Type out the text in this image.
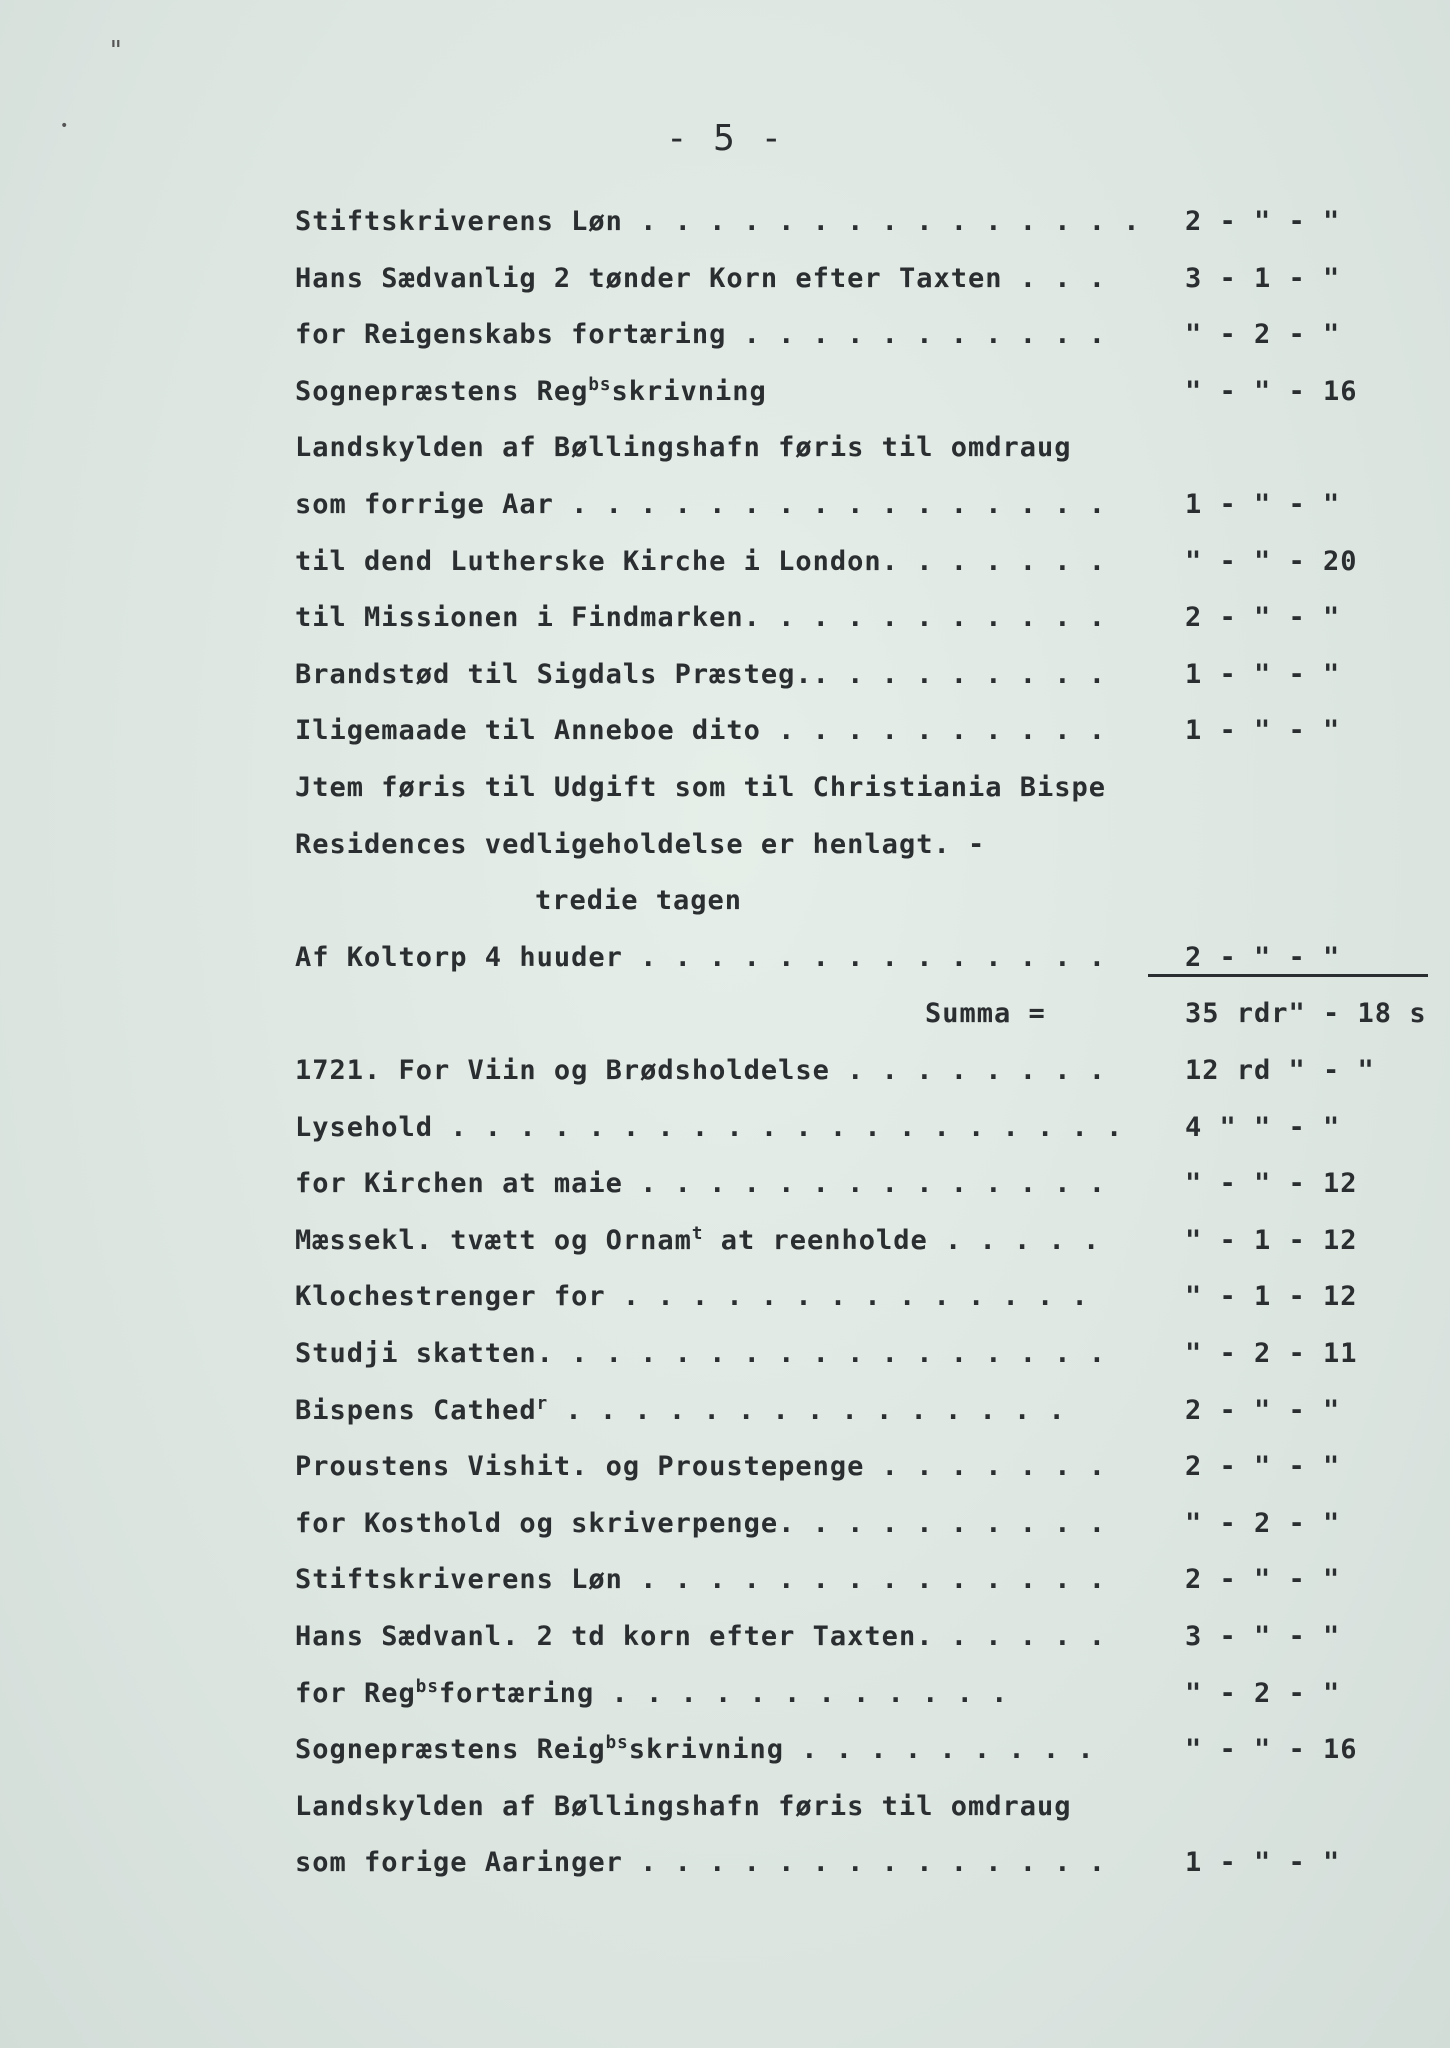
"
•	- 5 -
Stiftskriverens Løn . . . . . . . . . . . . . . . 2 - " - "
Hans Sædvanlig 2 tønder Korn efter Taxten . . .	3 - 1 - "
for Reigenskabs fortæring . . . . . . . . . . .	" - 2 - "
Sognepræstens Reg$^{bs}$skrivning	" - " - 16
Landskylden af Bøllingshafn føris til omdraug
som forrige Aar . . . . . . . . . . . . . . . .	1 - " - "
til dend Lutherske Kirche i London. . . . . . .	" - " - 20
til Missionen i Findmarken. . . . . . . . . . .	2 - " - "
Brandstød til Sigdals Præsteg.. . . . . . . . .	1 - " - "
Iligemaade til Anneboe dito . . . . . . . . . .	1 - " - "
Jtem føris til Udgift som til Christiania Bispe
Residences vedligeholdelse er henlagt. -
tredie tagen
Af Koltorp 4 huuder . . . . . . . . . . . . . .	2 - " - "
Summa =	35 rdr" - 18 s
1721. For Viin og Brødsholdelse . . . . . . . .	12 rd " - "
Lysehold . . . . . . . . . . . . . . . . . . . . 4 " " - "
for Kirchen at maie . . . . . . . . . . . . . .	" - " - 12
Mæssekl. tvætt og Ornam$^t$ at reenholde . . . . .	" - 1 - 12
Klochestrenger for . . . . . . . . . . . . . .	" - 1 - 12
Studji skatten. . . . . . . . . . . . . . . . .	" - 2 - 11
Bispens Cathed$^r$ . . . . . . . . . . . . . . .	2 - " - "
Proustens Vishit. og Proustepenge . . . . . . .	2 - " - "
for Kosthold og skriverpenge. . . . . . . . . .	" - 2 - "
Stiftskriverens Løn . . . . . . . . . . . . . .	2 - " - "
Hans Sædvanl. 2 td korn efter Taxten. . . . . .	3 - " - "
for Reg$^{bs}$fortæring . . . . . . . . . . . .	" - 2 - "
Sognepræstens Reig$^{bs}$skrivning . . . . . . . . .	" - " - 16
Landskylden af Bøllingshafn føris til omdraug
som forige Aaringer . . . . . . . . . . . . . .	1 - " - "
